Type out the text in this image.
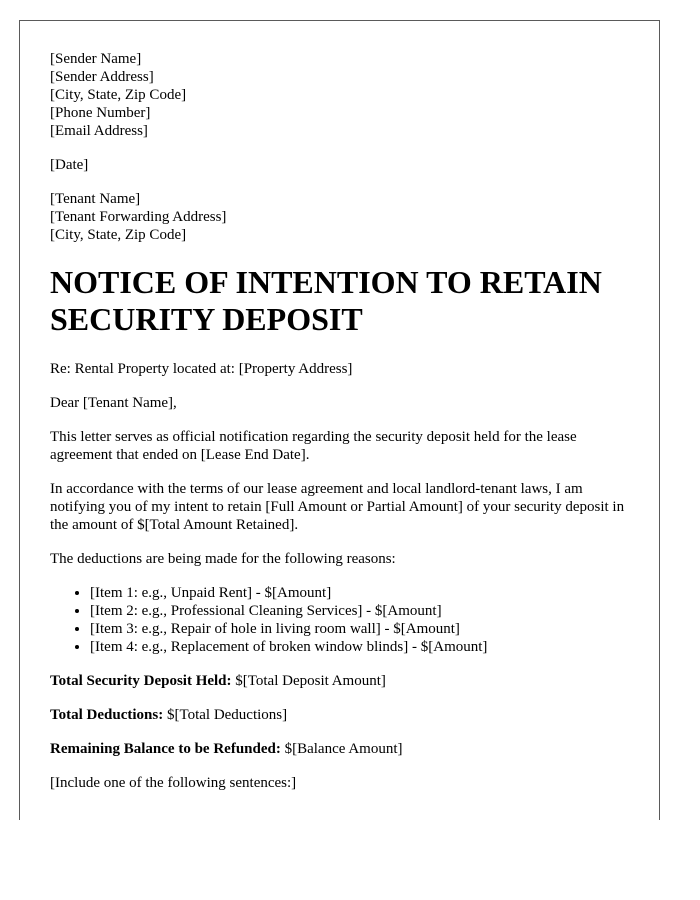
[Sender Name]
[Sender Address]
[City, State, Zip Code]
[Phone Number]
[Email Address]
[Date]
[Tenant Name]
[Tenant Forwarding Address]
[City, State, Zip Code]
NOTICE OF INTENTION TO RETAIN SECURITY DEPOSIT

Re: Rental Property located at: [Property Address]

Dear [Tenant Name],

This letter serves as official notification regarding the security deposit held for the lease agreement that ended on [Lease End Date].

In accordance with the terms of our lease agreement and local landlord-tenant laws, I am notifying you of my intent to retain [Full Amount or Partial Amount] of your security deposit in the amount of $[Total Amount Retained].

The deductions are being made for the following reasons:

• [Item 1: e.g., Unpaid Rent] - $[Amount]
• [Item 2: e.g., Professional Cleaning Services] - $[Amount]
• [Item 3: e.g., Repair of hole in living room wall] - $[Amount]
• [Item 4: e.g., Replacement of broken window blinds] - $[Amount]

Total Security Deposit Held: $[Total Deposit Amount]

Total Deductions: $[Total Deductions]

Remaining Balance to be Refunded: $[Balance Amount]

[Include one of the following sentences:]
